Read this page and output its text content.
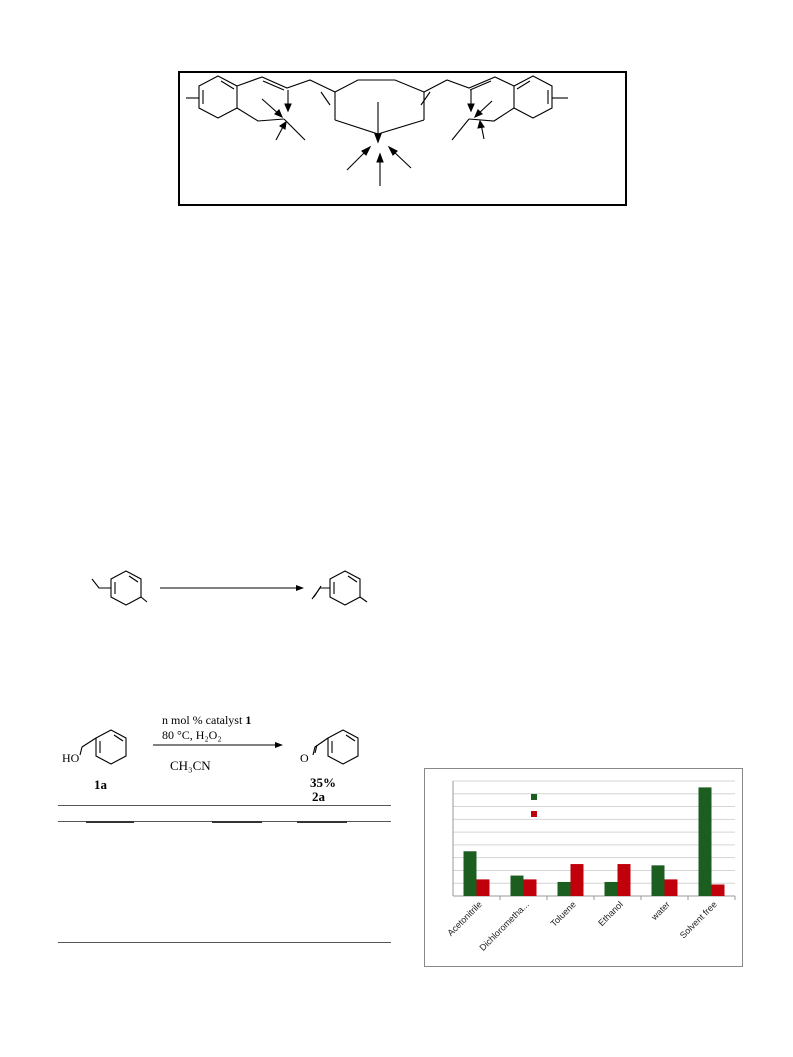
HO	O
n mol % catalyst 1
80 °C, H₂O₂
CH₃CN
1a	35%
2a
Acetonitrile
Dichlorometha... Toluene Ethanol	water Solvent free
